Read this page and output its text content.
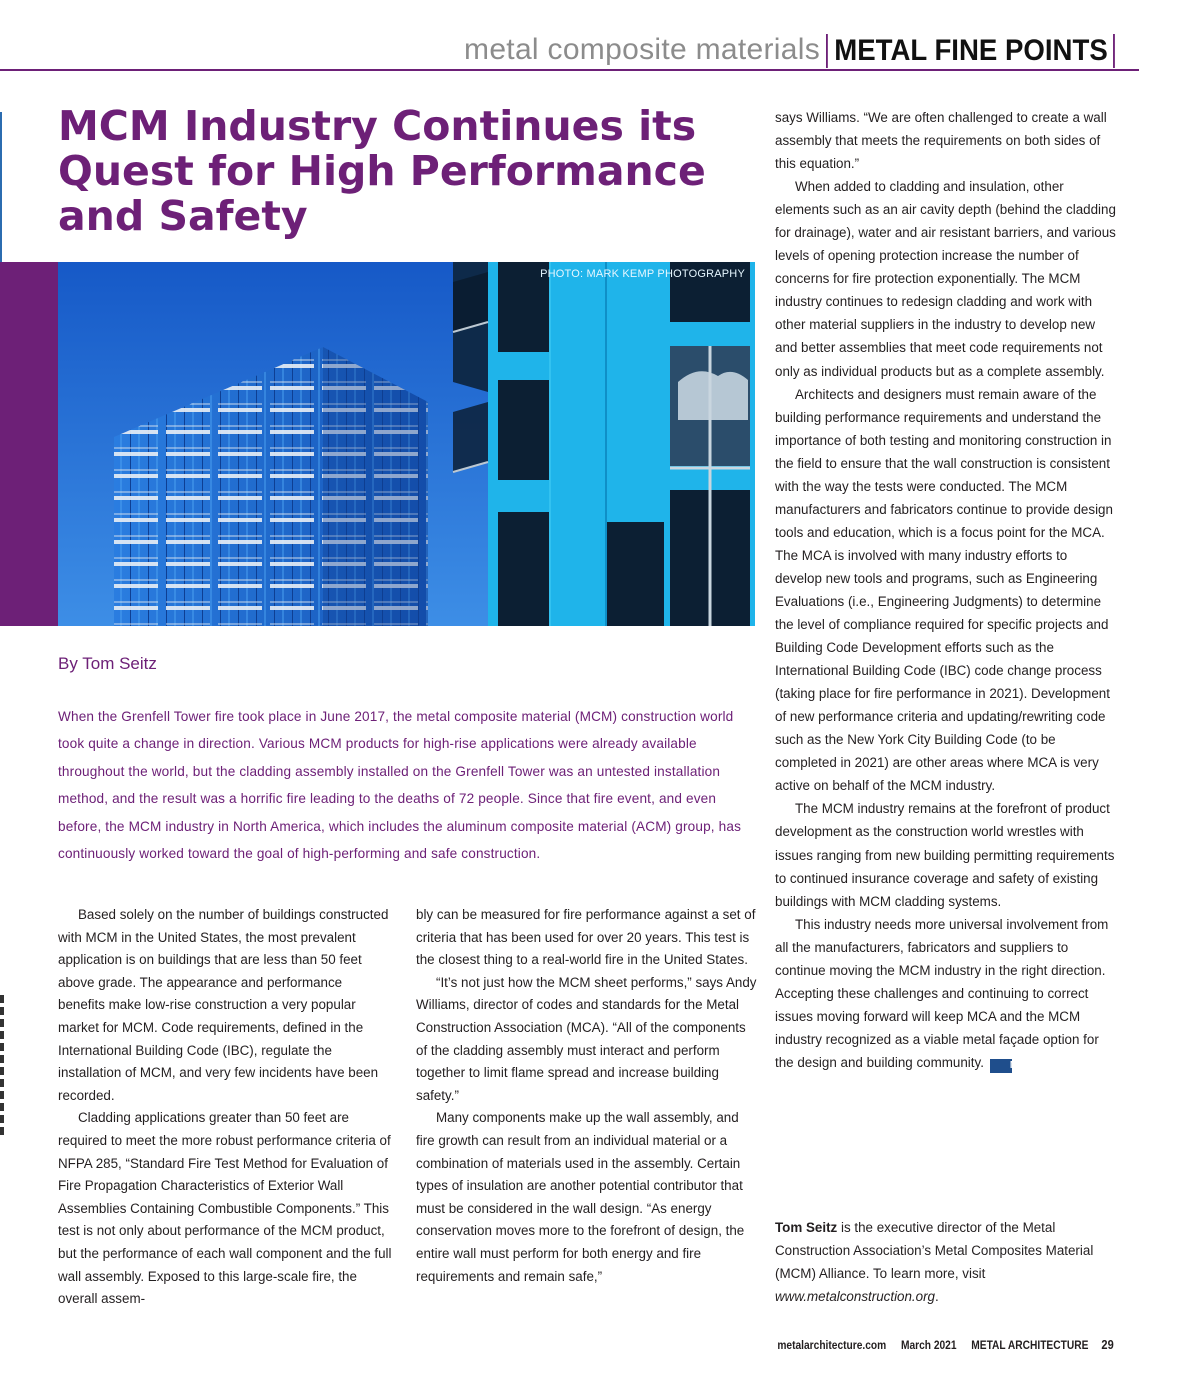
metal composite materials METAL FINE POINTS
MCM Industry Continues its Quest for High Performance and Safety
PHOTO: MARK KEMP PHOTOGRAPHY
By Tom Seitz

When the Grenfell Tower fire took place in June 2017, the metal composite material (MCM) construction world took quite a change in direction. Various MCM products for high-rise applications were already available throughout the world, but the cladding assembly installed on the Grenfell Tower was an untested installation method, and the result was a horrific fire leading to the deaths of 72 people. Since that fire event, and even before, the MCM industry in North America, which includes the aluminum composite material (ACM) group, has continuously worked toward the goal of high-performing and safe construction.

Based solely on the number of buildings constructed with MCM in the United States, the most prevalent application is on buildings that are less than 50 feet above grade. The appearance and performance benefits make low-rise construction a very popular market for MCM. Code requirements, defined in the International Building Code (IBC), regulate the installation of MCM, and very few incidents have been recorded.

Cladding applications greater than 50 feet are required to meet the more robust performance criteria of NFPA 285, “Standard Fire Test Method for Evaluation of Fire Propagation Characteristics of Exterior Wall Assemblies Containing Combustible Components.” This test is not only about performance of the MCM product, but the performance of each wall component and the full wall assembly. Exposed to this large-scale fire, the overall assem-

bly can be measured for fire performance against a set of criteria that has been used for over 20 years. This test is the closest thing to a real-world fire in the United States.

“It’s not just how the MCM sheet performs,” says Andy Williams, director of codes and standards for the Metal Construction Association (MCA). “All of the components of the cladding assembly must interact and perform together to limit flame spread and increase building safety.”

Many components make up the wall assembly, and fire growth can result from an individual material or a combination of materials used in the assembly. Certain types of insulation are another potential contributor that must be considered in the wall design. “As energy conservation moves more to the forefront of design, the entire wall must perform for both energy and fire requirements and remain safe,”

says Williams. “We are often challenged to create a wall assembly that meets the requirements on both sides of this equation.”

When added to cladding and insulation, other elements such as an air cavity depth (behind the cladding for drainage), water and air resistant barriers, and various levels of opening protection increase the number of concerns for fire protection exponentially. The MCM industry continues to redesign cladding and work with other material suppliers in the industry to develop new and better assemblies that meet code requirements not only as individual products but as a complete assembly.

Architects and designers must remain aware of the building performance requirements and understand the importance of both testing and monitoring construction in the field to ensure that the wall construction is consistent with the way the tests were conducted. The MCM manufacturers and fabricators continue to provide design tools and education, which is a focus point for the MCA. The MCA is involved with many industry efforts to develop new tools and programs, such as Engineering Evaluations (i.e., Engineering Judgments) to determine the level of compliance required for specific projects and Building Code Development efforts such as the International Building Code (IBC) code change process (taking place for fire performance in 2021). Development of new performance criteria and updating/rewriting code such as the New York City Building Code (to be completed in 2021) are other areas where MCA is very active on behalf of the MCM industry.

The MCM industry remains at the forefront of product development as the construction world wrestles with issues ranging from new building permitting requirements to continued insurance coverage and safety of existing buildings with MCM cladding systems.

This industry needs more universal involvement from all the manufacturers, fabricators and suppliers to continue moving the MCM industry in the right direction. Accepting these challenges and continuing to correct issues moving forward will keep MCA and the MCM industry recognized as a viable metal façade option for the design and building community.	MA

Tom Seitz is the executive director of the Metal Construction Association’s Metal Composites Material (MCM) Alliance. To learn more, visit www.metalconstruction.org.
metalarchitecture.com March 2021 METAL ARCHITECTURE 29
